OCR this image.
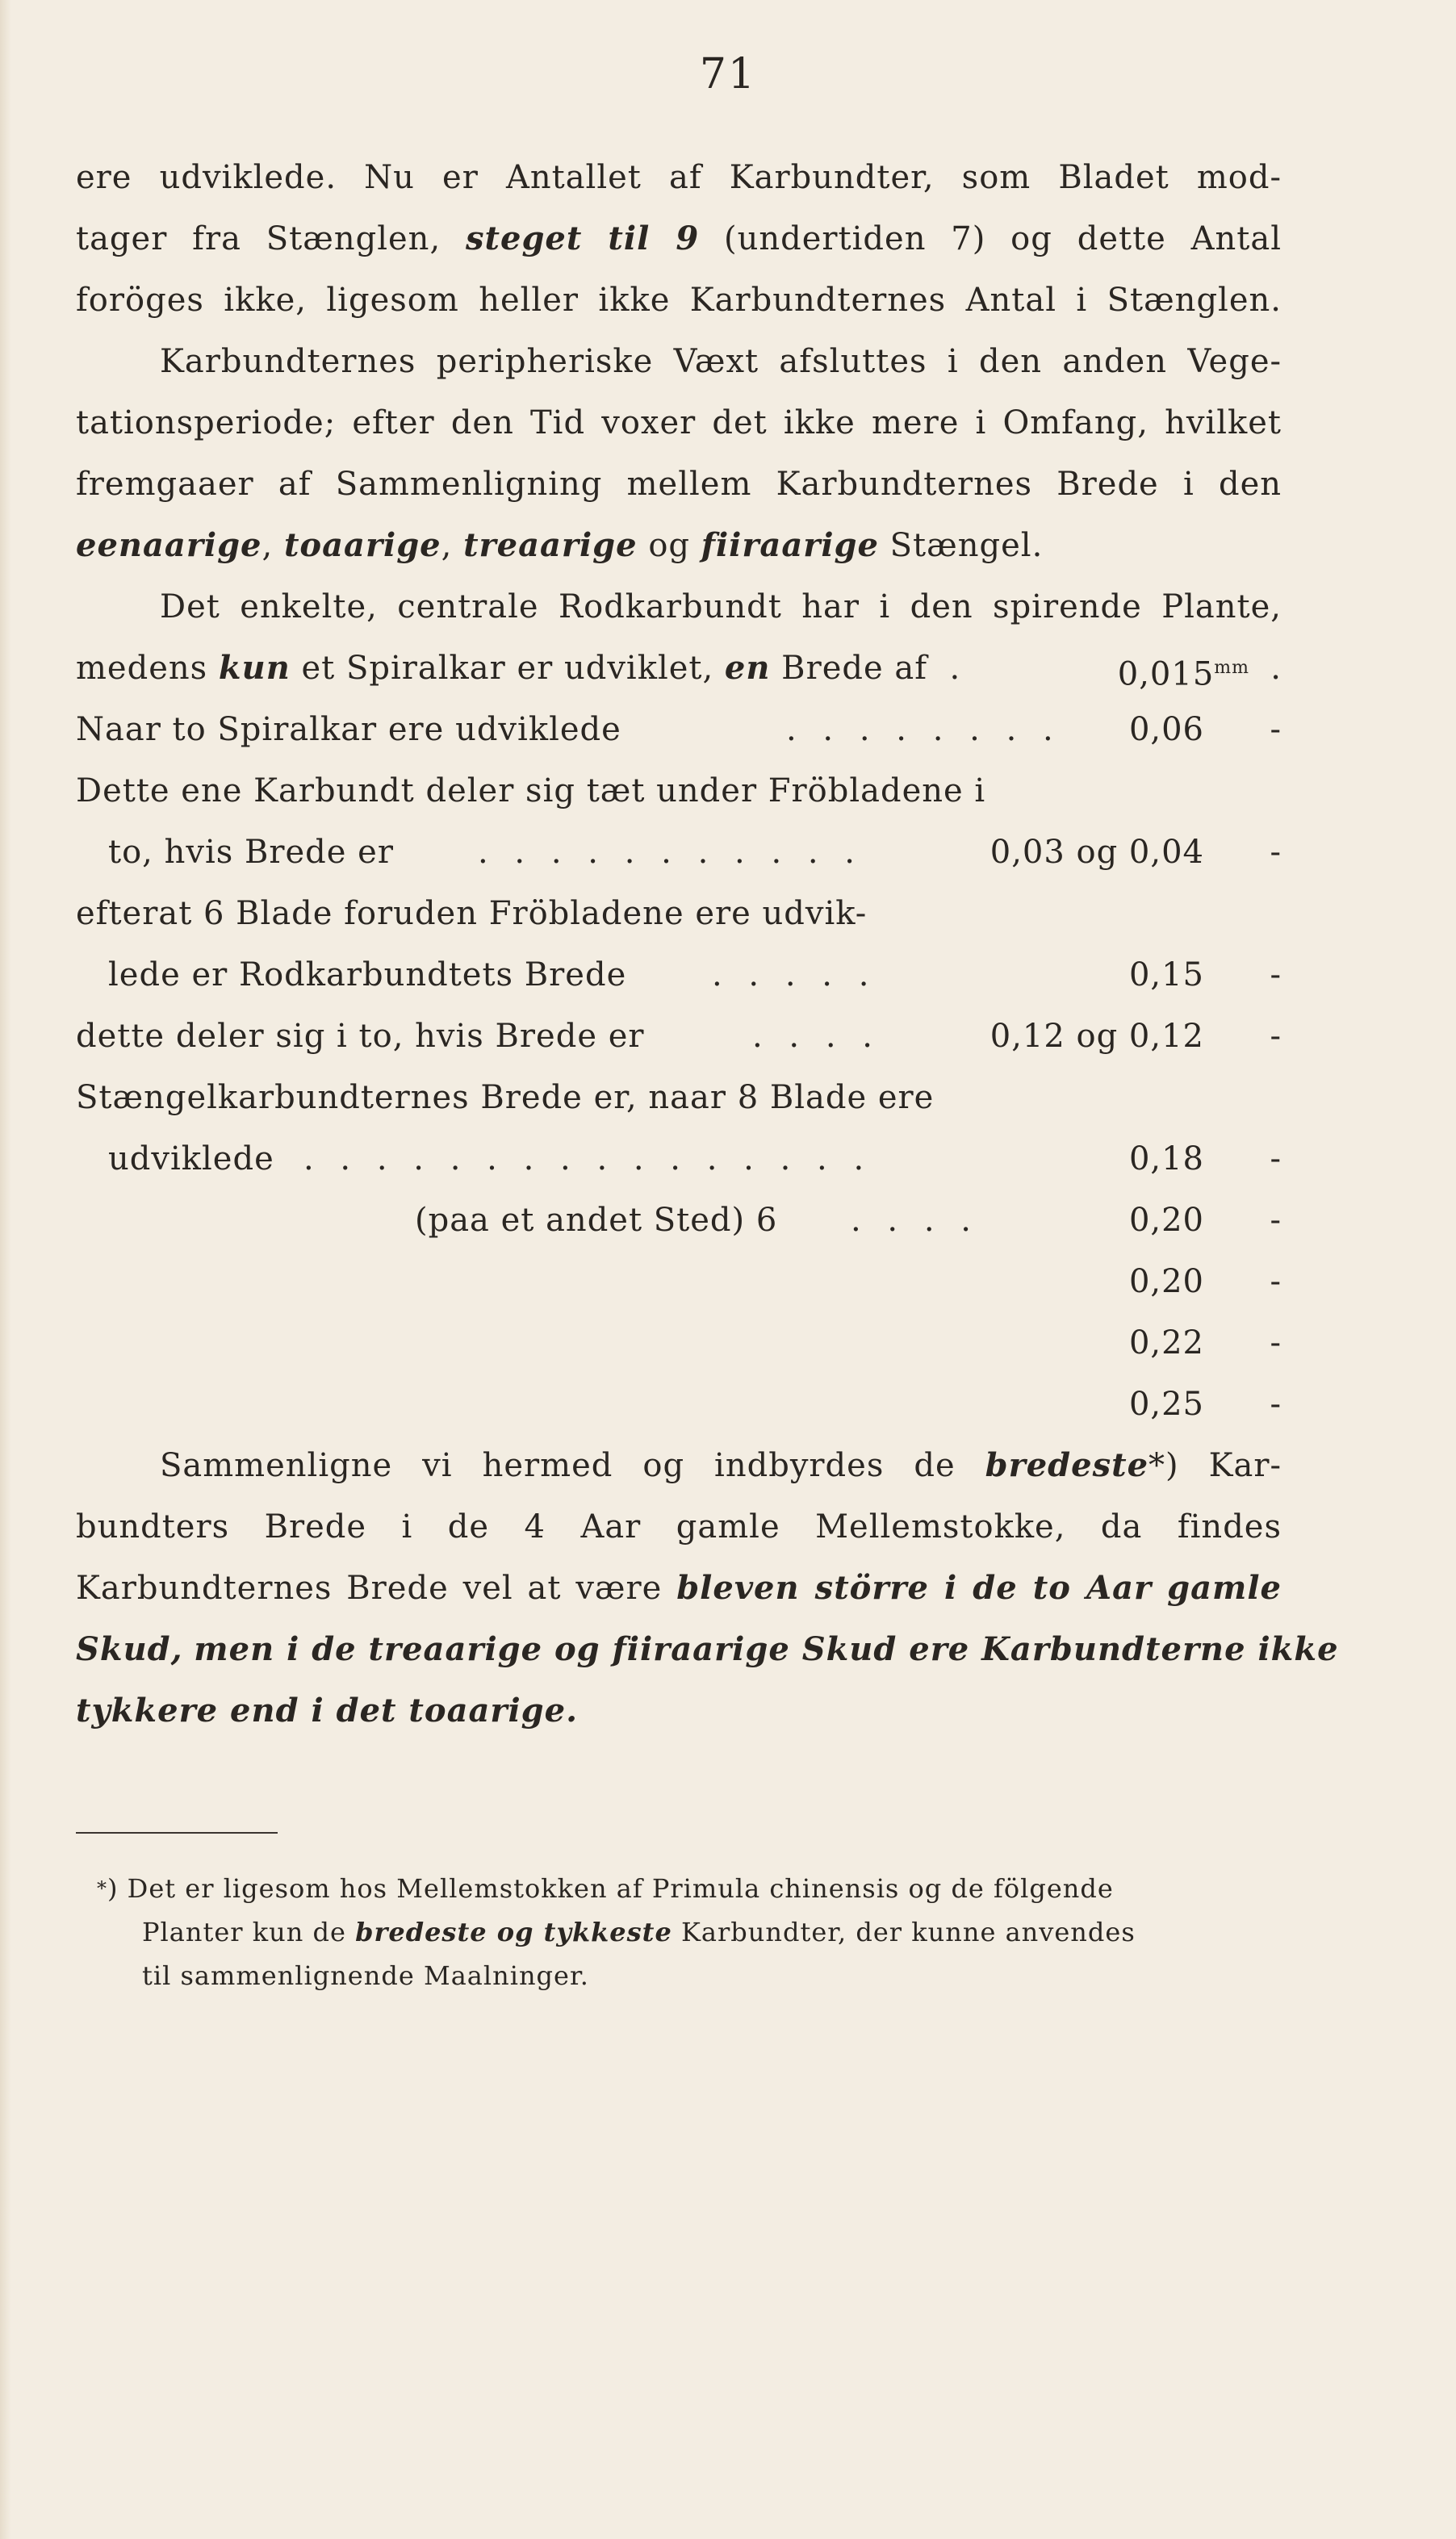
71
ere udviklede. Nu er Antallet af Karbundter, som Bladet mod-
tager fra Stænglen, steget til 9 (undertiden 7) og dette Antal
foröges ikke, ligesom heller ikke Karbundternes Antal i Stænglen.
Karbundternes peripheriske Væxt afsluttes i den anden Vege-
tationsperiode; efter den Tid voxer det ikke mere i Omfang, hvilket
fremgaaer af Sammenligning mellem Karbundternes Brede i den
eenaarige, toaarige, treaarige og fiiraarige Stængel.
Det enkelte, centrale Rodkarbundt har i den spirende Plante,
medens kun et Spiralkar er udviklet, en Brede af  .	$0,015^{mm}$ .
Naar to Spiralkar ere udviklede	. . . . . . . . 0,06	-
Dette ene Karbundt deler sig tæt under Fröbladene i
to, hvis Brede er	. . . . . . . . . . .	0,03 og 0,04	-
efterat 6 Blade foruden Fröbladene ere udvik-
lede er Rodkarbundtets Brede	. . . . .	0,15	-
dette deler sig i to, hvis Brede er	. . . .	0,12 og 0,12	-
Stængelkarbundternes Brede er, naar 8 Blade ere
udviklede . . . . . . . . . . . . . . . .	0,18	-
(paa et andet Sted) 6 . . . .	0,20	-
0,20	-
0,22	-
0,25	-
Sammenligne vi hermed og indbyrdes de bredeste*) Kar-
bundters Brede i de 4 Aar gamle Mellemstokke, da findes
Karbundternes Brede vel at være bleven större i de to Aar gamle
Skud, men i de treaarige og fiiraarige Skud ere Karbundterne ikke
tykkere end i det toaarige.
*) Det er ligesom hos Mellemstokken af Primula chinensis og de fölgende
Planter kun de bredeste og tykkeste Karbundter, der kunne anvendes
til sammenlignende Maalninger.
